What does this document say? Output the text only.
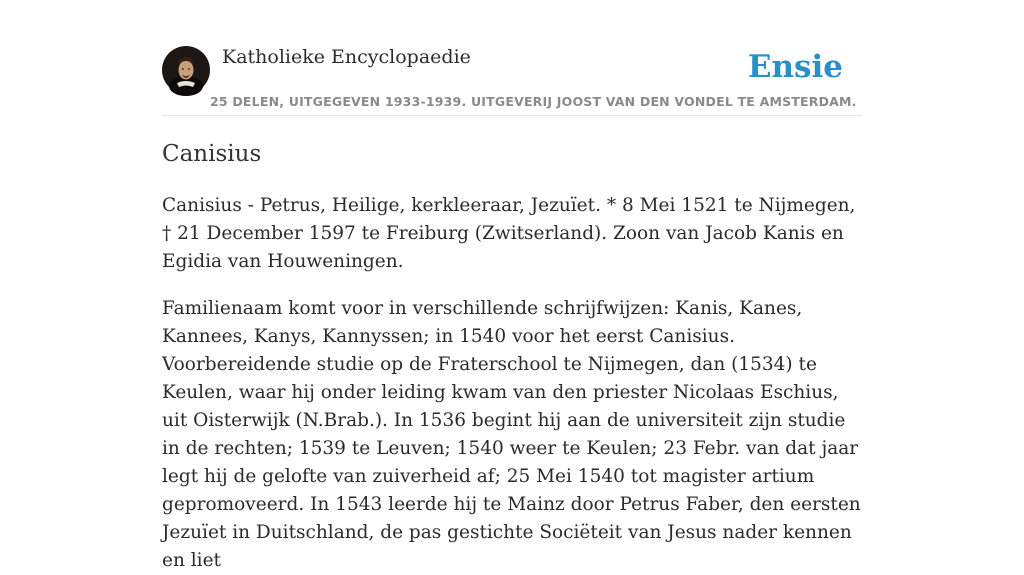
Katholieke Encyclopaedie	Ensie
25 DELEN, UITGEGEVEN 1933-1939. UITGEVERIJ JOOST VAN DEN VONDEL TE AMSTERDAM.
Canisius

Canisius - Petrus, Heilige, kerkleeraar, Jezuïet. * 8 Mei 1521 te Nijmegen, † 21 December 1597 te Freiburg (Zwitserland). Zoon van Jacob Kanis en Egidia van Houweningen.

Familienaam komt voor in verschillende schrijfwijzen: Kanis, Kanes, Kannees, Kanys, Kannyssen; in 1540 voor het eerst Canisius. Voorbereidende studie op de Fraterschool te Nijmegen, dan (1534) te Keulen, waar hij onder leiding kwam van den priester Nicolaas Eschius, uit Oisterwijk (N.Brab.). In 1536 begint hij aan de universiteit zijn studie in de rechten; 1539 te Leuven; 1540 weer te Keulen; 23 Febr. van dat jaar legt hij de gelofte van zuiverheid af; 25 Mei 1540 tot magister artium gepromoveerd. In 1543 leerde hij te Mainz door Petrus Faber, den eersten Jezuïet in Duitschland, de pas gestichte Sociëteit van Jesus nader kennen en liet
